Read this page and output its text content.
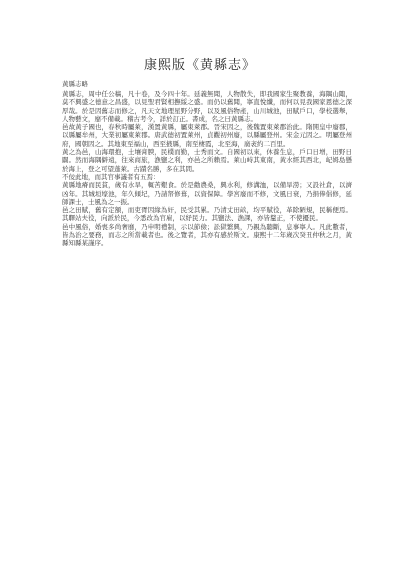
康熙版《黄縣志》
黃縣志略

黃縣志，周中任公稿，凡十卷，及今四十年。延義無聞，人物散失，即我國家生聚教養，海隅山陬，莫不興盛之德意之昌盛，以見聖君賢相撫綏之盛。而仍以舊聞，寧直悅纖，而何以見我國家恩德之深厚哉。於是因舊志而修之，凡天文地理星野分野，以及風俗物產，山川城池，田賦戶口，學校選舉，人物藝文，靡不備載。稽古考今，詳於訂正。書成，名之曰黃縣志。

邑故黃子國也，春秋時屬萊，漢置黃縣，屬東萊郡。晉宋因之，後魏置東萊郡治此。隋開皇中廢郡，以縣屬牟州，大業初屬東萊郡。唐武德初置萊州，貞觀初州廢，以縣屬登州。宋金元因之。明屬登州府，國朝因之。其地東至福山，西至掖縣，南至棲霞，北至海，廣袤約二百里。

黃之為邑，山海環抱，土壤膏腴，民樸而勤，士秀而文。自國初以來，休養生息，戶口日增，田野日闢。然而海隅僻遠，往來商旅，漁鹽之利，亦邑之所賴焉。萊山峙其東南，黃水經其西北，屺姆島懸於海上，登之可望蓬萊。古蹟名勝，多在其間。

不佞此地，而其官事議者有五焉：

黃縣地瘠而民貧，歲有水旱，輒苦艱食。於是勸農桑，興水利，修溝洫，以備旱澇；又設社倉，以濟凶年。其城垣壕池，年久傾圮，乃請帑修葺，以資保障。學宮廢而不修，文風日衰，乃捐俸倡修，延師課士，士風為之一振。

邑之田賦，舊有定額，而吏胥因緣為奸，民受其累。乃清丈田畝，均平賦役，革除陋規，民稱便焉。其驛站夫役，向派於民，今悉改為官雇，以紓民力。其鹽法、漁課，亦皆釐正，不使擾民。

邑中風俗，婚喪多尚奢靡，乃申明禮制，示以節儉；訟獄繁興，乃親為聽斷，息事寧人。凡此數者，皆為治之要務，而志之所當載者也。後之覽者，其亦有感於斯文。康熙十二年歲次癸丑仲秋之月，黃縣知縣某謹序。
